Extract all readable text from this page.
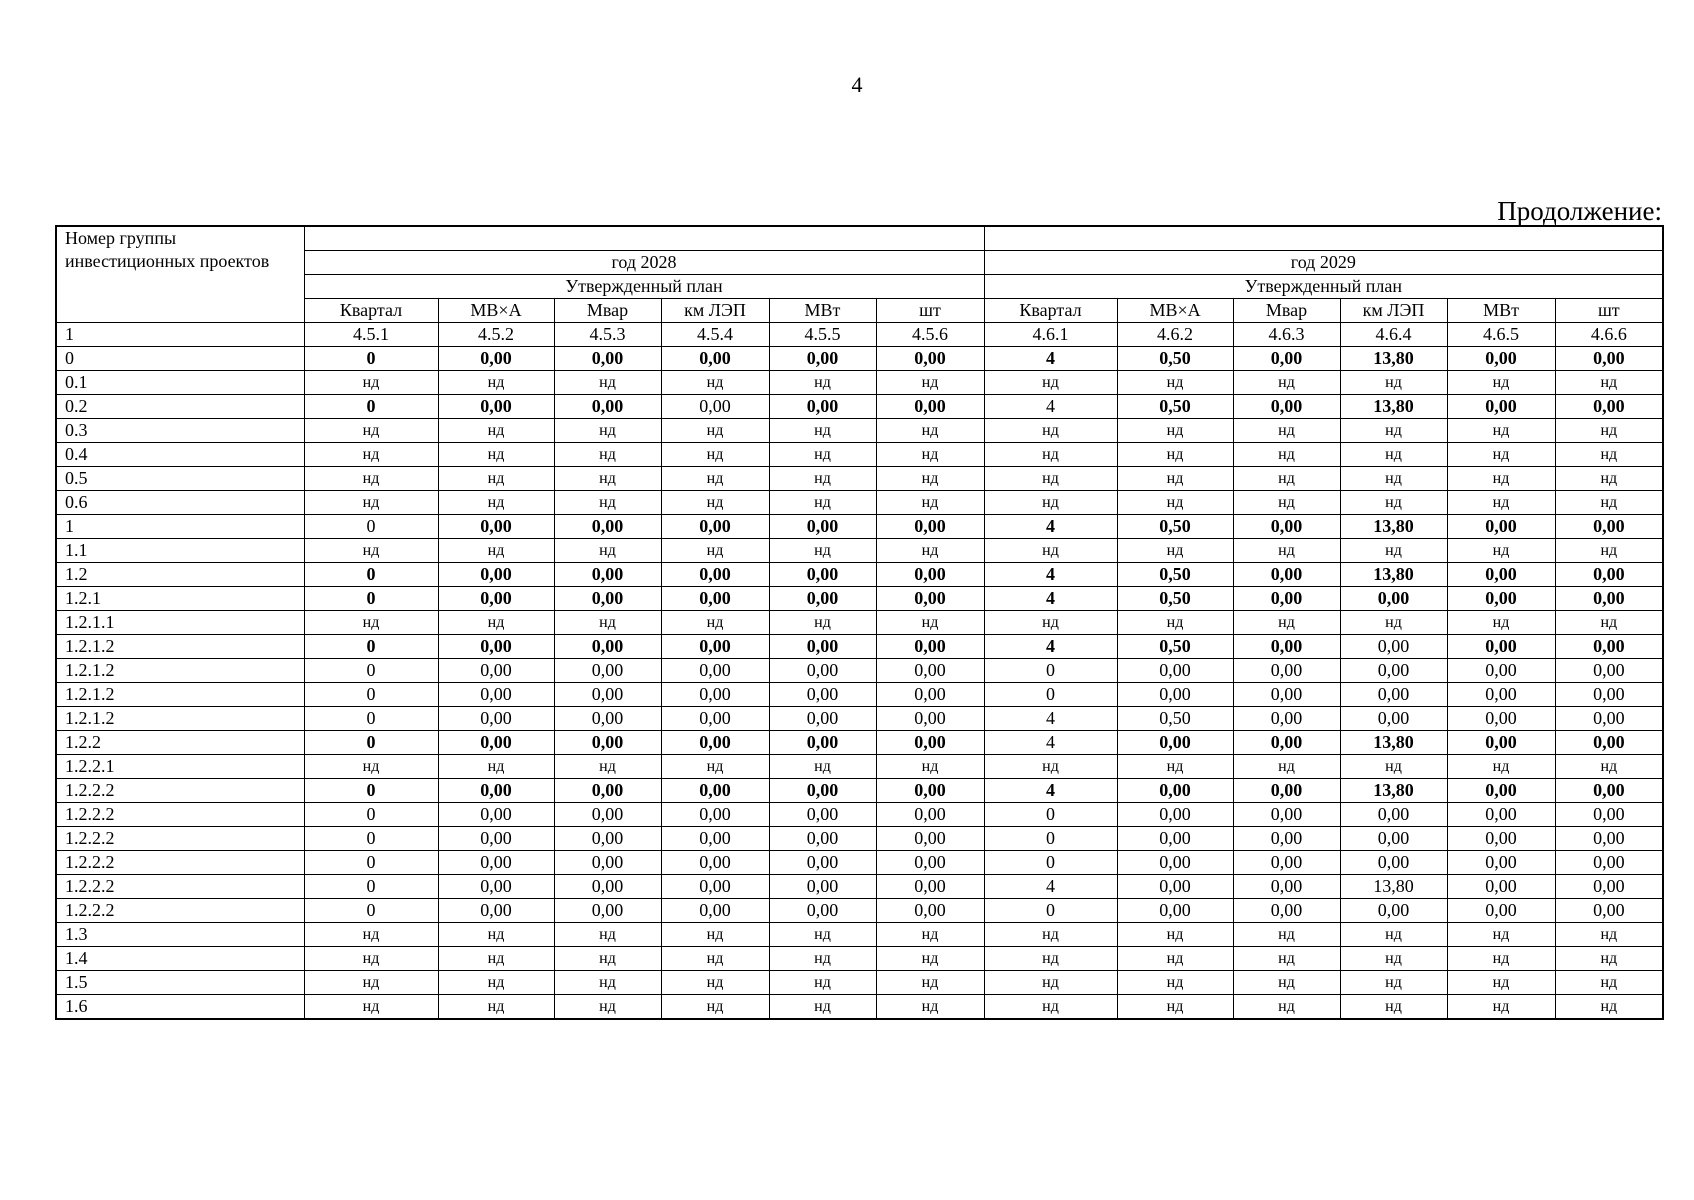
4
Продолжение:
Номер группы инвестиционных проектов												
	год 2028						год 2029					
	Утвержденный план						Утвержденный план					
	Квартал	МВ×А	Мвар	км ЛЭП	МВт	шт	Квартал	МВ×А	Мвар	км ЛЭП	МВт	шт
1	4.5.1	4.5.2	4.5.3	4.5.4	4.5.5	4.5.6	4.6.1	4.6.2	4.6.3	4.6.4	4.6.5	4.6.6
0	0	0,00	0,00	0,00	0,00	0,00	4	0,50	0,00	13,80	0,00	0,00
0.1	нд	нд	нд	нд	нд	нд	нд	нд	нд	нд	нд	нд
0.2	0	0,00	0,00	0,00	0,00	0,00	4	0,50	0,00	13,80	0,00	0,00
0.3	нд	нд	нд	нд	нд	нд	нд	нд	нд	нд	нд	нд
0.4	нд	нд	нд	нд	нд	нд	нд	нд	нд	нд	нд	нд
0.5	нд	нд	нд	нд	нд	нд	нд	нд	нд	нд	нд	нд
0.6	нд	нд	нд	нд	нд	нд	нд	нд	нд	нд	нд	нд
1	0	0,00	0,00	0,00	0,00	0,00	4	0,50	0,00	13,80	0,00	0,00
1.1	нд	нд	нд	нд	нд	нд	нд	нд	нд	нд	нд	нд
1.2	0	0,00	0,00	0,00	0,00	0,00	4	0,50	0,00	13,80	0,00	0,00
1.2.1	0	0,00	0,00	0,00	0,00	0,00	4	0,50	0,00	0,00	0,00	0,00
1.2.1.1	нд	нд	нд	нд	нд	нд	нд	нд	нд	нд	нд	нд
1.2.1.2	0	0,00	0,00	0,00	0,00	0,00	4	0,50	0,00	0,00	0,00	0,00
1.2.1.2	0	0,00	0,00	0,00	0,00	0,00	0	0,00	0,00	0,00	0,00	0,00
1.2.1.2	0	0,00	0,00	0,00	0,00	0,00	0	0,00	0,00	0,00	0,00	0,00
1.2.1.2	0	0,00	0,00	0,00	0,00	0,00	4	0,50	0,00	0,00	0,00	0,00
1.2.2	0	0,00	0,00	0,00	0,00	0,00	4	0,00	0,00	13,80	0,00	0,00
1.2.2.1	нд	нд	нд	нд	нд	нд	нд	нд	нд	нд	нд	нд
1.2.2.2	0	0,00	0,00	0,00	0,00	0,00	4	0,00	0,00	13,80	0,00	0,00
1.2.2.2	0	0,00	0,00	0,00	0,00	0,00	0	0,00	0,00	0,00	0,00	0,00
1.2.2.2	0	0,00	0,00	0,00	0,00	0,00	0	0,00	0,00	0,00	0,00	0,00
1.2.2.2	0	0,00	0,00	0,00	0,00	0,00	0	0,00	0,00	0,00	0,00	0,00
1.2.2.2	0	0,00	0,00	0,00	0,00	0,00	4	0,00	0,00	13,80	0,00	0,00
1.2.2.2	0	0,00	0,00	0,00	0,00	0,00	0	0,00	0,00	0,00	0,00	0,00
1.3	нд	нд	нд	нд	нд	нд	нд	нд	нд	нд	нд	нд
1.4	нд	нд	нд	нд	нд	нд	нд	нд	нд	нд	нд	нд
1.5	нд	нд	нд	нд	нд	нд	нд	нд	нд	нд	нд	нд
1.6	нд	нд	нд	нд	нд	нд	нд	нд	нд	нд	нд	нд
